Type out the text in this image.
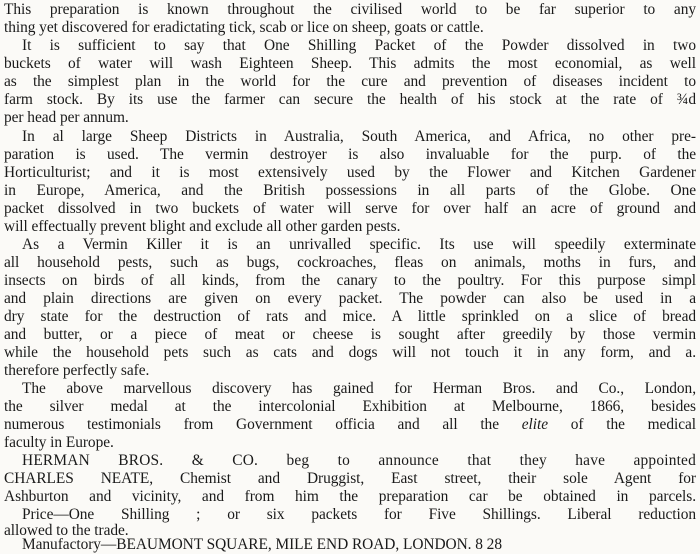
This preparation is known throughout the civilised world to be far superior to any
thing yet discovered for eradictating tick, scab or lice on sheep, goats or cattle.
It is sufficient to say that One Shilling Packet of the Powder dissolved in two
buckets of water will wash Eighteen Sheep. This admits the most economial, as well
as the simplest plan in the world for the cure and prevention of diseases incident to
farm stock. By its use the farmer can secure the health of his stock at the rate of ¾d
per head per annum.
In al large Sheep Districts in Australia, South America, and Africa, no other pre-
paration is used. The vermin destroyer is also invaluable for the purp. of the
Horticulturist; and it is most extensively used by the Flower and Kitchen Gardener
in Europe, America, and the British possessions in all parts of the Globe. One
packet dissolved in two buckets of water will serve for over half an acre of ground and
will effectually prevent blight and exclude all other garden pests.
As a Vermin Killer it is an unrivalled specific. Its use will speedily exterminate
all household pests, such as bugs, cockroaches, fleas on animals, moths in furs, and
insects on birds of all kinds, from the canary to the poultry. For this purpose simpl
and plain directions are given on every packet. The powder can also be used in a
dry state for the destruction of rats and mice. A little sprinkled on a slice of bread
and butter, or a piece of meat or cheese is sought after greedily by those vermin
while the household pets such as cats and dogs will not touch it in any form, and a.
therefore perfectly safe.
The above marvellous discovery has gained for Herman Bros. and Co., London,
the silver medal at the intercolonial Exhibition at Melbourne, 1866, besides
numerous testimonials from Government officia and all the elite of the medical
faculty in Europe.
HERMAN BROS. & CO. beg to announce that they have appointed
CHARLES NEATE, Chemist and Druggist, East street, their sole Agent for
Ashburton and vicinity, and from him the preparation car be obtained in parcels.
Price—One Shilling ; or six packets for Five Shillings. Liberal reduction
allowed to the trade.
Manufactory—BEAUMONT SQUARE, MILE END ROAD, LONDON. 8 28
